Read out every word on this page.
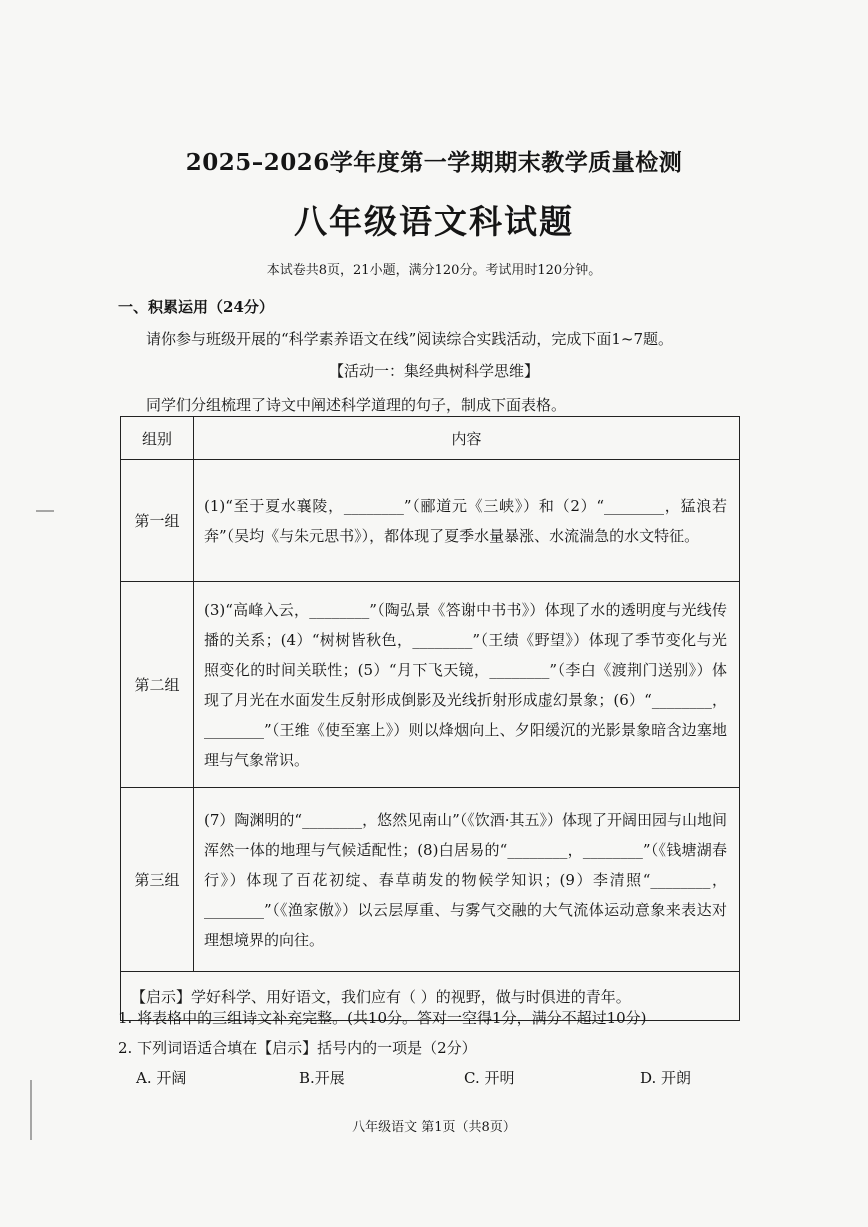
2025–2026学年度第一学期期末教学质量检测
八年级语文科试题
本试卷共8页，21小题，满分120分。考试用时120分钟。
一、积累运用（24分）
请你参与班级开展的“科学素养语文在线”阅读综合实践活动，完成下面1~7题。
【活动一：集经典树科学思维】
同学们分组梳理了诗文中阐述科学道理的句子，制成下面表格。
组别	内容
第一组	(1)“至于夏水襄陵，________”（郦道元《三峡》）和（2）“________，猛浪若奔”（吴均《与朱元思书》），都体现了夏季水量暴涨、水流湍急的水文特征。
第二组	(3)“高峰入云，________”（陶弘景《答谢中书书》）体现了水的透明度与光线传播的关系；(4）“树树皆秋色，________”（王绩《野望》）体现了季节变化与光照变化的时间关联性；(5）“月下飞天镜，________”（李白《渡荆门送别》）体现了月光在水面发生反射形成倒影及光线折射形成虚幻景象；(6）“________，________”（王维《使至塞上》）则以烽烟向上、夕阳缓沉的光影景象暗含边塞地理与气象常识。
第三组	(7）陶渊明的“________，悠然见南山”（《饮酒·其五》）体现了开阔田园与山地间浑然一体的地理与气候适配性；(8)白居易的“________，________”（《钱塘湖春行》）体现了百花初绽、春草萌发的物候学知识；(9）李清照“________，________”（《渔家傲》）以云层厚重、与雾气交融的大气流体运动意象来表达对理想境界的向往。
【启示】学好科学、用好语文，我们应有（ ）的视野，做与时俱进的青年。	
1. 将表格中的三组诗文补充完整。(共10分。答对一空得1分，满分不超过10分)
2. 下列词语适合填在【启示】括号内的一项是（2分）
A. 开阔	B.开展	C. 开明	D. 开朗
八年级语文 第1页（共8页）
